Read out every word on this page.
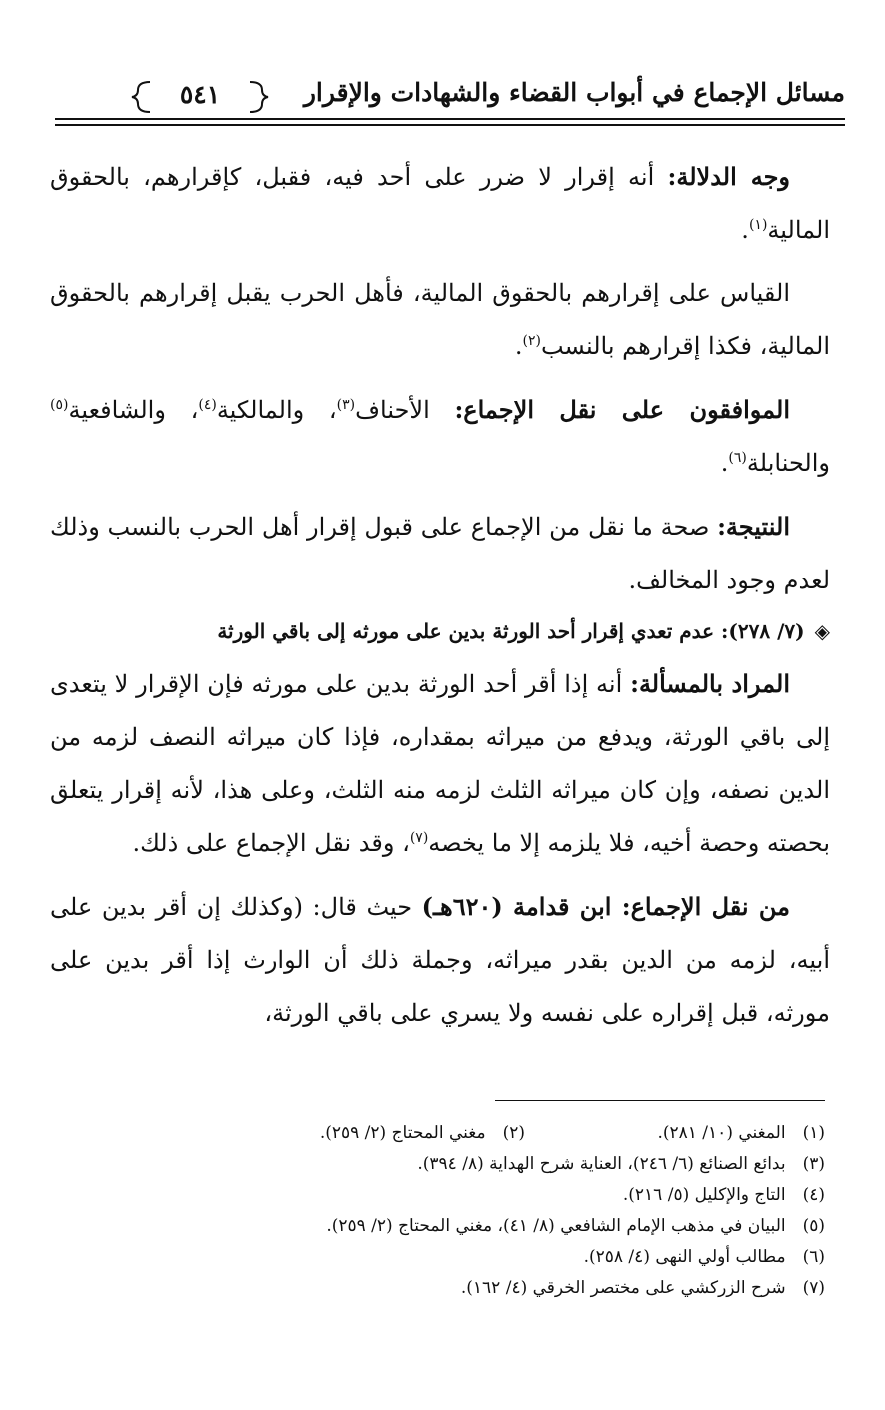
مسائل الإجماع في أبواب القضاء والشهادات والإقرار
٥٤١

وجه الدلالة: أنه إقرار لا ضرر على أحد فيه، فقبل، كإقرارهم، بالحقوق المالية$^{(١)}$.

القياس على إقرارهم بالحقوق المالية، فأهل الحرب يقبل إقرارهم بالحقوق المالية، فكذا إقرارهم بالنسب$^{(٢)}$.

الموافقون على نقل الإجماع: الأحناف$^{(٣)}$، والمالكية$^{(٤)}$، والشافعية$^{(٥)}$ والحنابلة$^{(٦)}$.

النتيجة: صحة ما نقل من الإجماع على قبول إقرار أهل الحرب بالنسب وذلك لعدم وجود المخالف.

◈(٧/ ٢٧٨): عدم تعدي إقرار أحد الورثة بدين على مورثه إلى باقي الورثة

المراد بالمسألة: أنه إذا أقر أحد الورثة بدين على مورثه فإن الإقرار لا يتعدى إلى باقي الورثة، ويدفع من ميراثه بمقداره، فإذا كان ميراثه النصف لزمه من الدين نصفه، وإن كان ميراثه الثلث لزمه منه الثلث، وعلى هذا، لأنه إقرار يتعلق بحصته وحصة أخيه، فلا يلزمه إلا ما يخصه$^{(٧)}$، وقد نقل الإجماع على ذلك.

من نقل الإجماع: ابن قدامة (٦٢٠هـ) حيث قال: (وكذلك إن أقر بدين على أبيه، لزمه من الدين بقدر ميراثه، وجملة ذلك أن الوارث إذا أقر بدين على مورثه، قبل إقراره على نفسه ولا يسري على باقي الورثة،

(١) المغني (١٠/ ٢٨١).
(٢) مغني المحتاج (٢/ ٢٥٩).
(٣) بدائع الصنائع (٦/ ٢٤٦)، العناية شرح الهداية (٨/ ٣٩٤).
(٤) التاج والإكليل (٥/ ٢١٦).
(٥) البيان في مذهب الإمام الشافعي (٨/ ٤١)، مغني المحتاج (٢/ ٢٥٩).
(٦) مطالب أولي النهى (٤/ ٢٥٨).
(٧) شرح الزركشي على مختصر الخرقي (٤/ ١٦٢).
